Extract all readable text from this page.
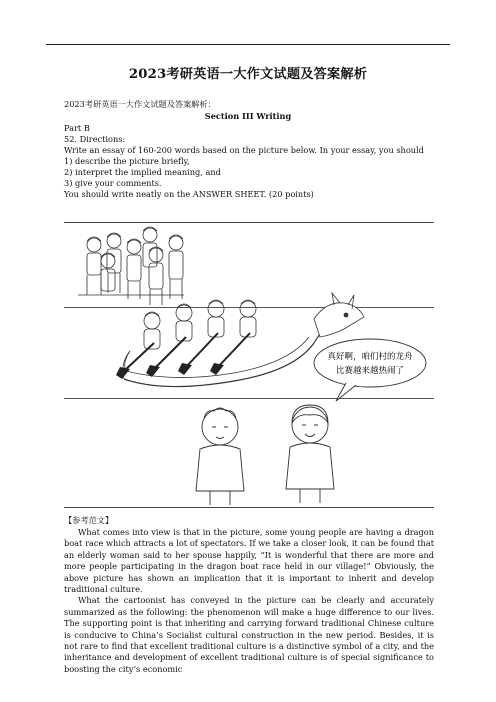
2023考研英语一大作文试题及答案解析
2023考研英语一大作文试题及答案解析：
Section III Writing
Part B
52. Directions:
Write an essay of 160-200 words based on the picture below. In your essay, you should
1) describe the picture briefly,
2) interpret the implied meaning, and
3) give your comments.
You should write neatly on the ANSWER SHEET. (20 points)
真好啊，咱们村的龙舟
比赛越来越热闹了
【参考范文】

What comes into view is that in the picture, some young people are having a dragon boat race which attracts a lot of spectators. If we take a closer look, it can be found that an elderly woman said to her spouse happily, “It is wonderful that there are more and more people participating in the dragon boat race held in our village!” Obviously, the above picture has shown an implication that it is important to inherit and develop traditional culture.

What the cartoonist has conveyed in the picture can be clearly and accurately summarized as the following: the phenomenon will make a huge difference to our lives. The supporting point is that inheriting and carrying forward traditional Chinese culture is conducive to China’s Socialist cultural construction in the new period. Besides, it is not rare to find that excellent traditional culture is a distinctive symbol of a city, and the inheritance and development of excellent traditional culture is of special significance to boosting the city’s economic
